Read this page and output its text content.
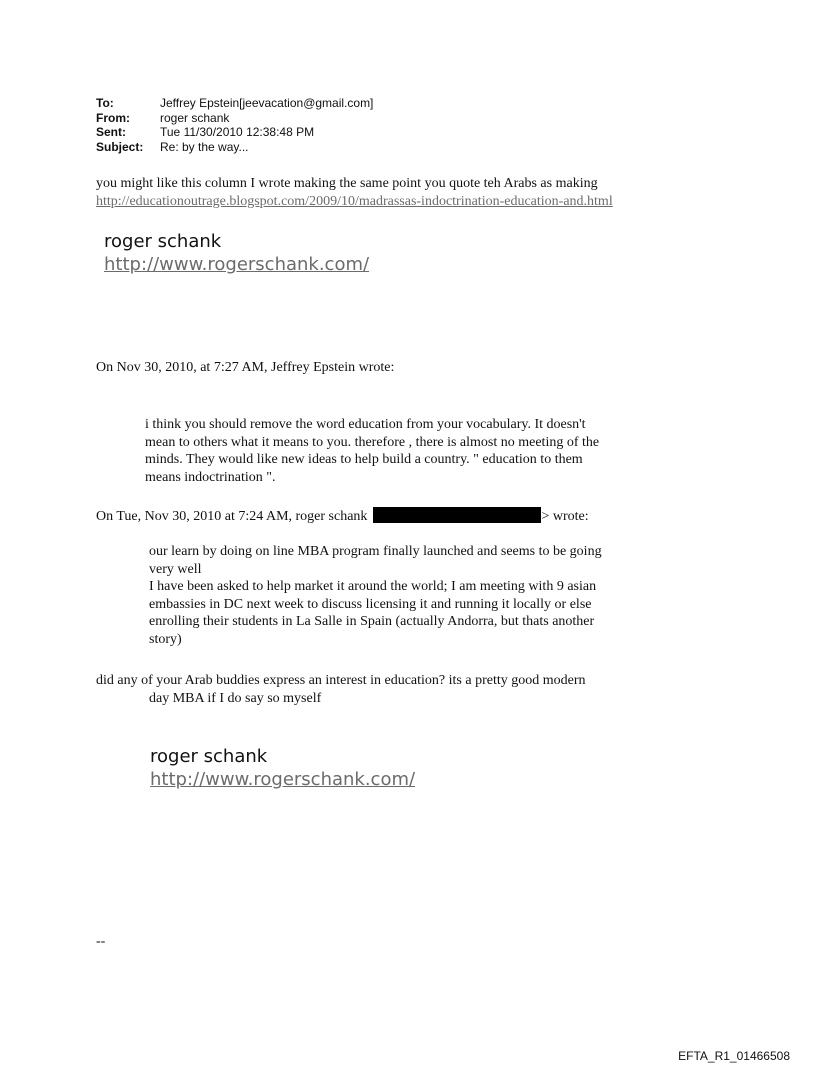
To:	Jeffrey Epstein[jeevacation@gmail.com]
From:	roger schank
Sent:	Tue 11/30/2010 12:38:48 PM
Subject:	Re: by the way...

you might like this column I wrote making the same point you quote teh Arabs as making

http://educationoutrage.blogspot.com/2009/10/madrassas-indoctrination-education-and.html

roger schank

http://www.rogerschank.com/

On Nov 30, 2010, at 7:27 AM, Jeffrey Epstein wrote:

i think you should remove the word education from your vocabulary. It doesn't

mean to others what it means to you. therefore , there is almost no meeting of the

minds. They would like new ideas to help build a country. " education to them

means indoctrination ".

On Tue, Nov 30, 2010 at 7:24 AM, roger schank	> wrote:

our learn by doing on line MBA program finally launched and seems to be going

very well

I have been asked to help market it around the world; I am meeting with 9 asian

embassies in DC next week to discuss licensing it and running it locally or else

enrolling their students in La Salle in Spain (actually Andorra, but thats another

story)

did any of your Arab buddies express an interest in education? its a pretty good modern

day MBA if I do say so myself

roger schank

http://www.rogerschank.com/

--

EFTA_R1_01466508
